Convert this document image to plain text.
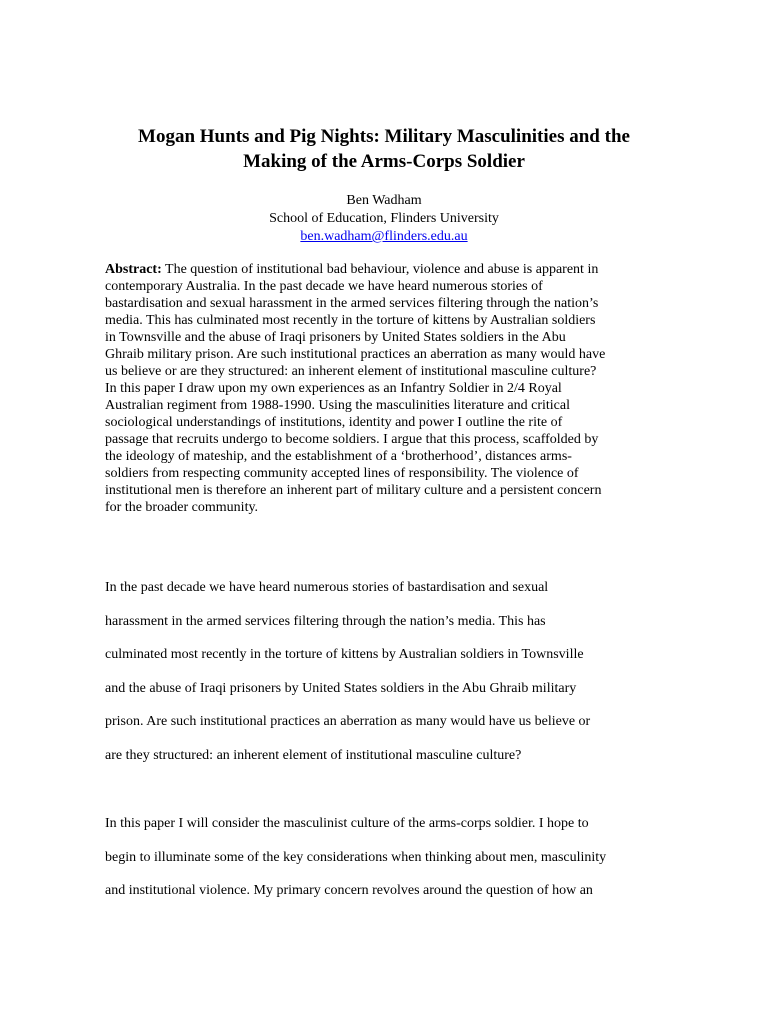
Mogan Hunts and Pig Nights: Military Masculinities and the
Making of the Arms-Corps Soldier
Ben Wadham
School of Education, Flinders University
ben.wadham@flinders.edu.au
Abstract: The question of institutional bad behaviour, violence and abuse is apparent in
contemporary Australia. In the past decade we have heard numerous stories of
bastardisation and sexual harassment in the armed services filtering through the nation’s
media. This has culminated most recently in the torture of kittens by Australian soldiers
in Townsville and the abuse of Iraqi prisoners by United States soldiers in the Abu
Ghraib military prison. Are such institutional practices an aberration as many would have
us believe or are they structured: an inherent element of institutional masculine culture?
In this paper I draw upon my own experiences as an Infantry Soldier in 2/4 Royal
Australian regiment from 1988-1990. Using the masculinities literature and critical
sociological understandings of institutions, identity and power I outline the rite of
passage that recruits undergo to become soldiers. I argue that this process, scaffolded by
the ideology of mateship, and the establishment of a ‘brotherhood’, distances arms-
soldiers from respecting community accepted lines of responsibility. The violence of
institutional men is therefore an inherent part of military culture and a persistent concern
for the broader community.
In the past decade we have heard numerous stories of bastardisation and sexual
harassment in the armed services filtering through the nation’s media. This has
culminated most recently in the torture of kittens by Australian soldiers in Townsville
and the abuse of Iraqi prisoners by United States soldiers in the Abu Ghraib military
prison. Are such institutional practices an aberration as many would have us believe or
are they structured: an inherent element of institutional masculine culture?
In this paper I will consider the masculinist culture of the arms-corps soldier. I hope to
begin to illuminate some of the key considerations when thinking about men, masculinity
and institutional violence. My primary concern revolves around the question of how an
